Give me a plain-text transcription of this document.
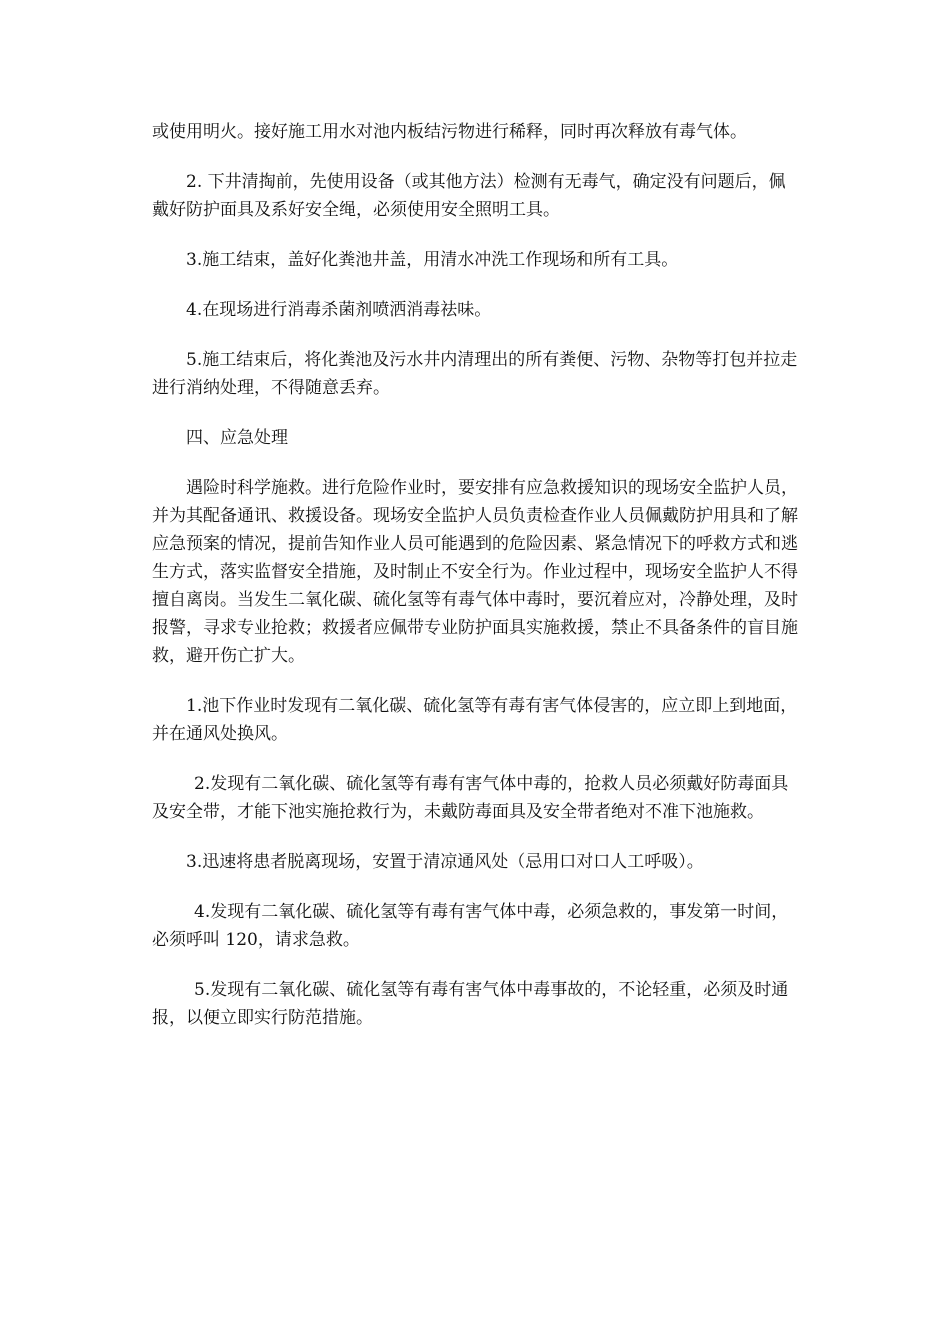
或使用明火。接好施工用水对池内板结污物进行稀释，同时再次释放有毒气体。

2. 下井清掏前，先使用设备（或其他方法）检测有无毒气，确定没有问题后，佩戴好防护面具及系好安全绳，必须使用安全照明工具。

3.施工结束，盖好化粪池井盖，用清水冲洗工作现场和所有工具。

4.在现场进行消毒杀菌剂喷洒消毒祛味。

5.施工结束后，将化粪池及污水井内清理出的所有粪便、污物、杂物等打包并拉走进行消纳处理，不得随意丢弃。

四、应急处理

遇险时科学施救。进行危险作业时，要安排有应急救援知识的现场安全监护人员，并为其配备通讯、救援设备。现场安全监护人员负责检查作业人员佩戴防护用具和了解应急预案的情况，提前告知作业人员可能遇到的危险因素、紧急情况下的呼救方式和逃生方式，落实监督安全措施，及时制止不安全行为。作业过程中，现场安全监护人不得擅自离岗。当发生二氧化碳、硫化氢等有毒气体中毒时，要沉着应对，冷静处理，及时报警，寻求专业抢救；救援者应佩带专业防护面具实施救援，禁止不具备条件的盲目施救，避开伤亡扩大。

1.池下作业时发现有二氧化碳、硫化氢等有毒有害气体侵害的，应立即上到地面，并在通风处换风。

2.发现有二氧化碳、硫化氢等有毒有害气体中毒的，抢救人员必须戴好防毒面具及安全带，才能下池实施抢救行为，未戴防毒面具及安全带者绝对不准下池施救。

3.迅速将患者脱离现场，安置于清凉通风处（忌用口对口人工呼吸）。

4.发现有二氧化碳、硫化氢等有毒有害气体中毒，必须急救的，事发第一时间，必须呼叫 120，请求急救。

5.发现有二氧化碳、硫化氢等有毒有害气体中毒事故的，不论轻重，必须及时通报，以便立即实行防范措施。
